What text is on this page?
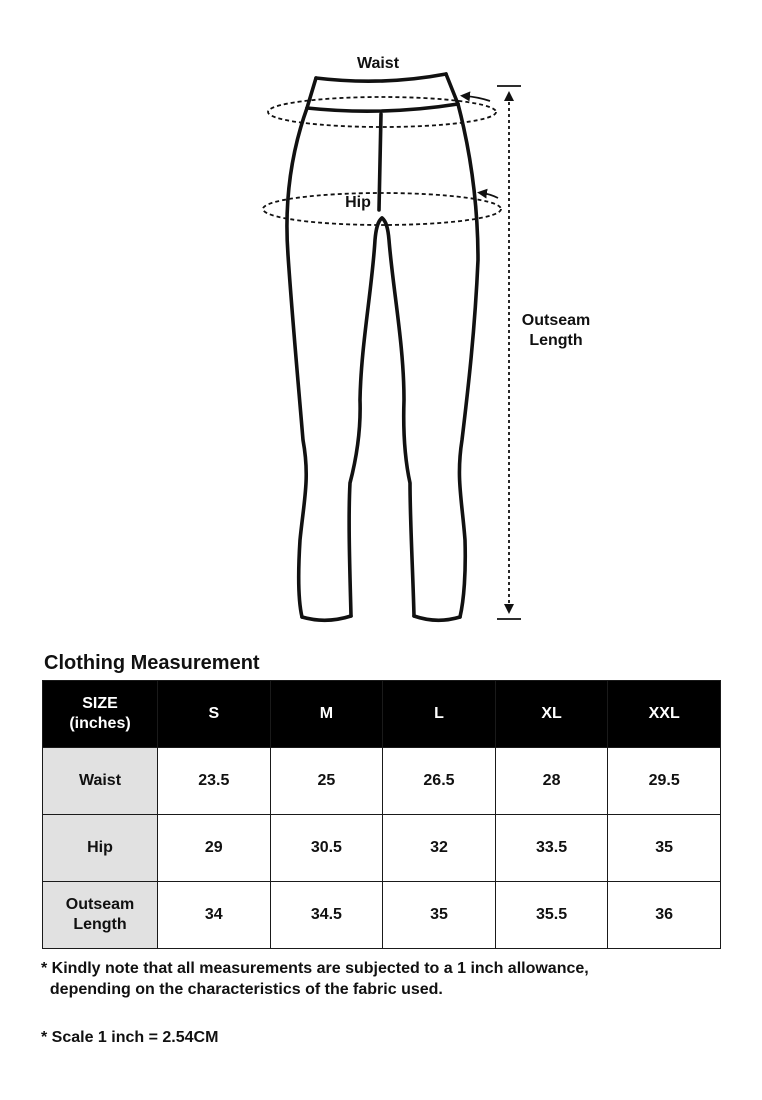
Waist
Hip
Outseam
Length
Clothing Measurement
SIZE
(inches)	S	M	L	XL	XXL
Waist	23.5	25	26.5	28	29.5
Hip	29	30.5	32	33.5	35

Outseam
Length	34	34.5	35	35.5	36
* Kindly note that all measurements are subjected to a 1 inch allowance,
depending on the characteristics of the fabric used.
* Scale 1 inch = 2.54CM
